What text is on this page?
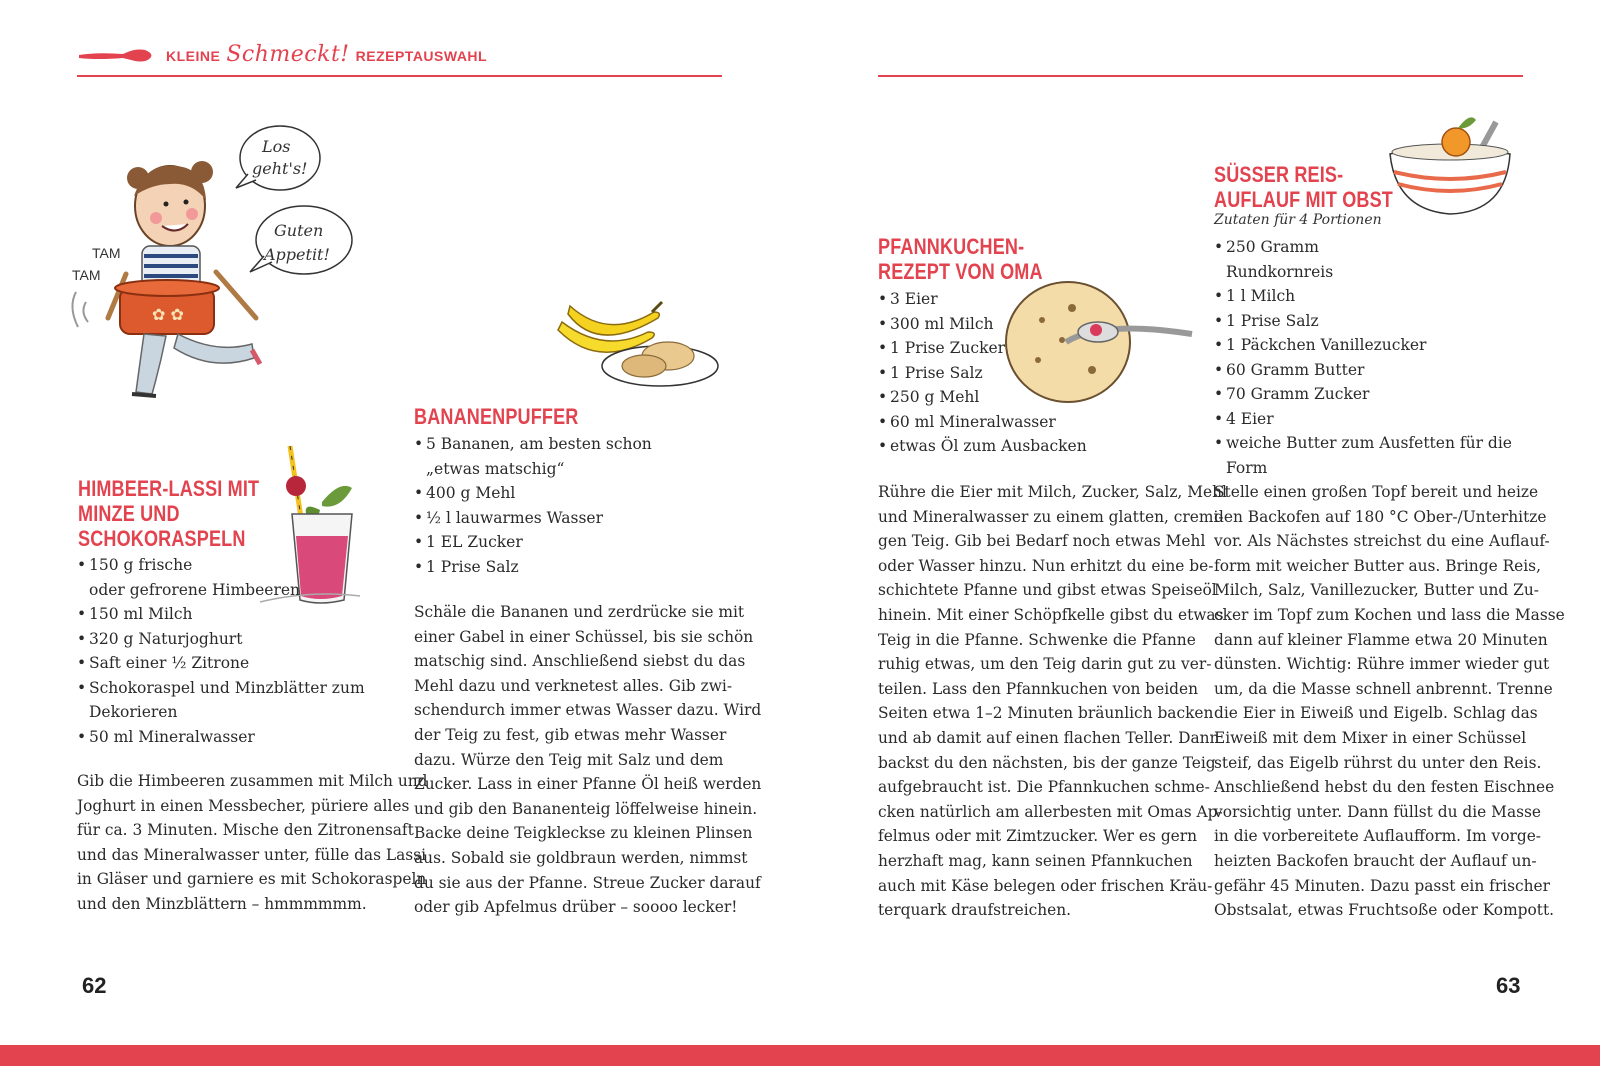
KLEINE Schmeckt! REZEPTAUSWAHL
✿ ✿
TAM
TAM
Los
geht's!
Guten
Appetit!
HIMBEER-LASSI MIT
MINZE UND
SCHOKORASPELN
• 150 g frische
oder gefrorene Himbeeren
• 150 ml Milch
• 320 g Naturjoghurt
• Saft einer ½ Zitrone
• Schokoraspel und Minzblätter zum
Dekorieren
• 50 ml Mineralwasser
Gib die Himbeeren zusammen mit Milch und
Joghurt in einen Messbecher, püriere alles
für ca. 3 Minuten. Mische den Zitronensaft
und das Mineralwasser unter, fülle das Lassi
in Gläser und garniere es mit Schokoraspeln
und den Minzblättern – hmmmmmm.
BANANENPUFFER
• 5 Bananen, am besten schon
„etwas matschig“
• 400 g Mehl
• ½ l lauwarmes Wasser
• 1 EL Zucker
• 1 Prise Salz
Schäle die Bananen und zerdrücke sie mit
einer Gabel in einer Schüssel, bis sie schön
matschig sind. Anschließend siebst du das
Mehl dazu und verknetest alles. Gib zwi-
schendurch immer etwas Wasser dazu. Wird
der Teig zu fest, gib etwas mehr Wasser
dazu. Würze den Teig mit Salz und dem
Zucker. Lass in einer Pfanne Öl heiß werden
und gib den Bananenteig löffelweise hinein.
Backe deine Teigkleckse zu kleinen Plinsen
aus. Sobald sie goldbraun werden, nimmst
du sie aus der Pfanne. Streue Zucker darauf
oder gib Apfelmus drüber – soooo lecker!
PFANNKUCHEN-
REZEPT VON OMA
• 3 Eier
• 300 ml Milch
• 1 Prise Zucker
• 1 Prise Salz
• 250 g Mehl
• 60 ml Mineralwasser
• etwas Öl zum Ausbacken
Rühre die Eier mit Milch, Zucker, Salz, Mehl
und Mineralwasser zu einem glatten, cremi-
gen Teig. Gib bei Bedarf noch etwas Mehl
oder Wasser hinzu. Nun erhitzt du eine be-
schichtete Pfanne und gibst etwas Speiseöl
hinein. Mit einer Schöpfkelle gibst du etwas
Teig in die Pfanne. Schwenke die Pfanne
ruhig etwas, um den Teig darin gut zu ver-
teilen. Lass den Pfannkuchen von beiden
Seiten etwa 1–2 Minuten bräunlich backen
und ab damit auf einen flachen Teller. Dann
backst du den nächsten, bis der ganze Teig
aufgebraucht ist. Die Pfannkuchen schme-
cken natürlich am allerbesten mit Omas Ap-
felmus oder mit Zimtzucker. Wer es gern
herzhaft mag, kann seinen Pfannkuchen
auch mit Käse belegen oder frischen Kräu-
terquark draufstreichen.
SÜSSER REIS-
AUFLAUF MIT OBST
Zutaten für 4 Portionen
• 250 Gramm
Rundkornreis
• 1 l Milch
• 1 Prise Salz
• 1 Päckchen Vanillezucker
• 60 Gramm Butter
• 70 Gramm Zucker
• 4 Eier
• weiche Butter zum Ausfetten für die Form
Stelle einen großen Topf bereit und heize
den Backofen auf 180 °C Ober-/Unterhitze
vor. Als Nächstes streichst du eine Auflauf-
form mit weicher Butter aus. Bringe Reis,
Milch, Salz, Vanillezucker, Butter und Zu-
cker im Topf zum Kochen und lass die Masse
dann auf kleiner Flamme etwa 20 Minuten
dünsten. Wichtig: Rühre immer wieder gut
um, da die Masse schnell anbrennt. Trenne
die Eier in Eiweiß und Eigelb. Schlag das
Eiweiß mit dem Mixer in einer Schüssel
steif, das Eigelb rührst du unter den Reis.
Anschließend hebst du den festen Eischnee
vorsichtig unter. Dann füllst du die Masse
in die vorbereitete Auflaufform. Im vorge-
heizten Backofen braucht der Auflauf un-
gefähr 45 Minuten. Dazu passt ein frischer
Obstsalat, etwas Fruchtsoße oder Kompott.
62	63
